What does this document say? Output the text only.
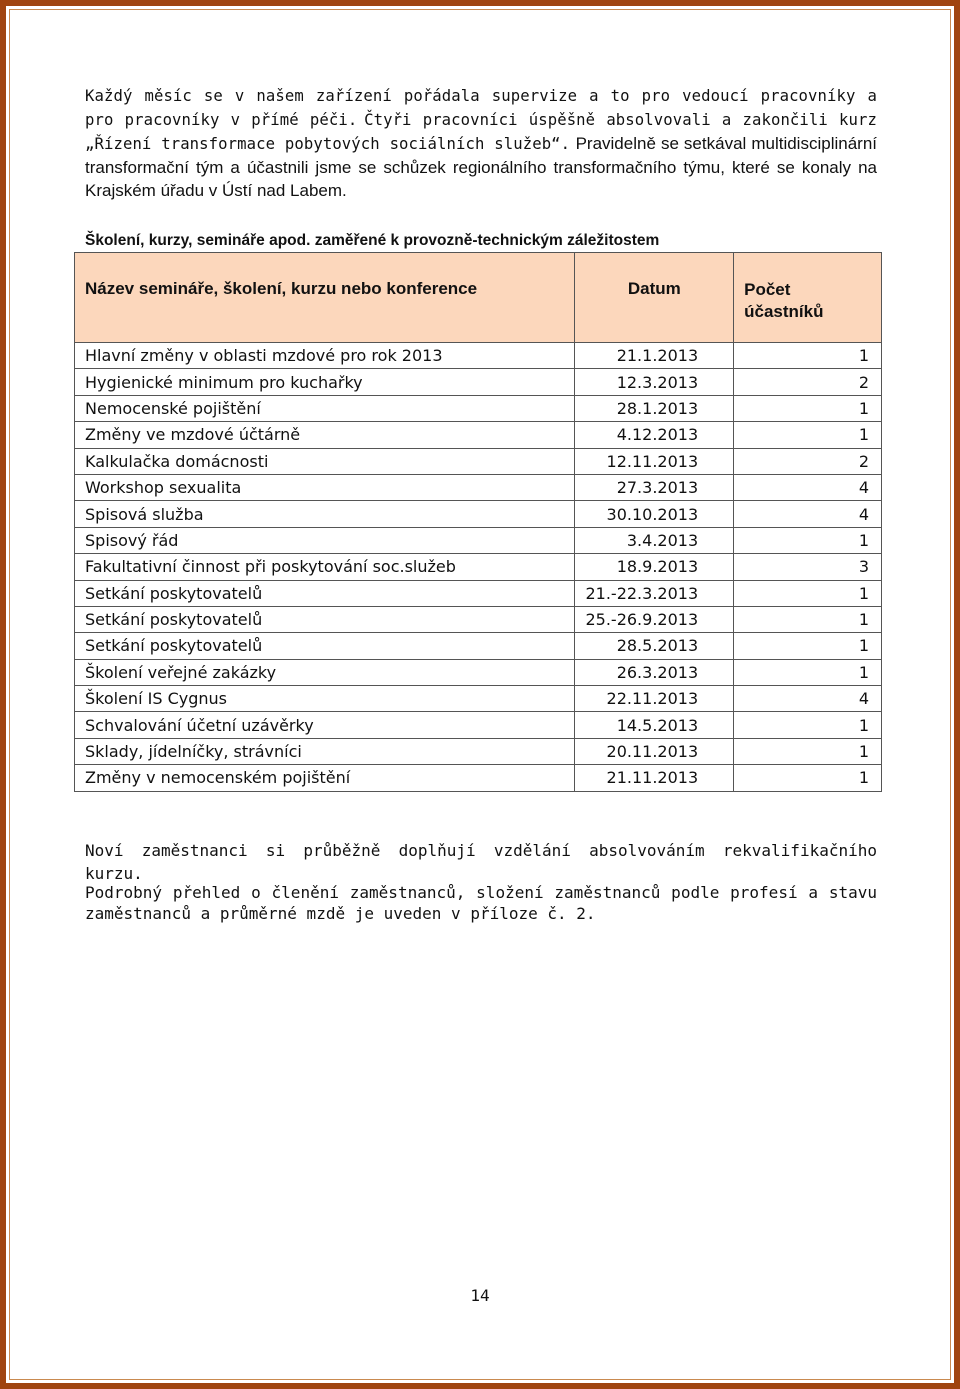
Každý měsíc se v našem zařízení pořádala supervize a to pro vedoucí pracovníky a pro pracovníky v přímé péči. Čtyři pracovníci úspěšně absolvovali a zakončili kurz „Řízení transformace pobytových sociálních služeb“. Pravidelně se setkával multidisciplinární transformační tým a účastnili jsme se schůzek regionálního transformačního týmu, které se konaly na Krajském úřadu v Ústí nad Labem.

Školení, kurzy, semináře apod. zaměřené k provozně-technickým záležitostem

Název semináře, školení, kurzu nebo konference	Datum	Počet
účastníků

Hlavní změny v oblasti mzdové pro rok 2013	21.1.2013	1
Hygienické minimum pro kuchařky	12.3.2013	2
Nemocenské pojištění	28.1.2013	1
Změny ve mzdové účtárně	4.12.2013	1
Kalkulačka domácnosti	12.11.2013	2
Workshop sexualita	27.3.2013	4
Spisová služba	30.10.2013	4
Spisový řád	3.4.2013	1
Fakultativní činnost při poskytování soc.služeb	18.9.2013	3
Setkání poskytovatelů	21.-22.3.2013	1
Setkání poskytovatelů	25.-26.9.2013	1
Setkání poskytovatelů	28.5.2013	1
Školení veřejné zakázky	26.3.2013	1
Školení IS Cygnus	22.11.2013	4
Schvalování účetní uzávěrky	14.5.2013	1
Sklady, jídelníčky, strávníci	20.11.2013	1
Změny v nemocenském pojištění	21.11.2013	1

Noví zaměstnanci si průběžně doplňují vzdělání absolvováním rekvalifikačního kurzu.

Podrobný přehled o členění zaměstnanců, složení zaměstnanců podle profesí a stavu zaměstnanců a průměrné mzdě je uveden v příloze č. 2.

14
